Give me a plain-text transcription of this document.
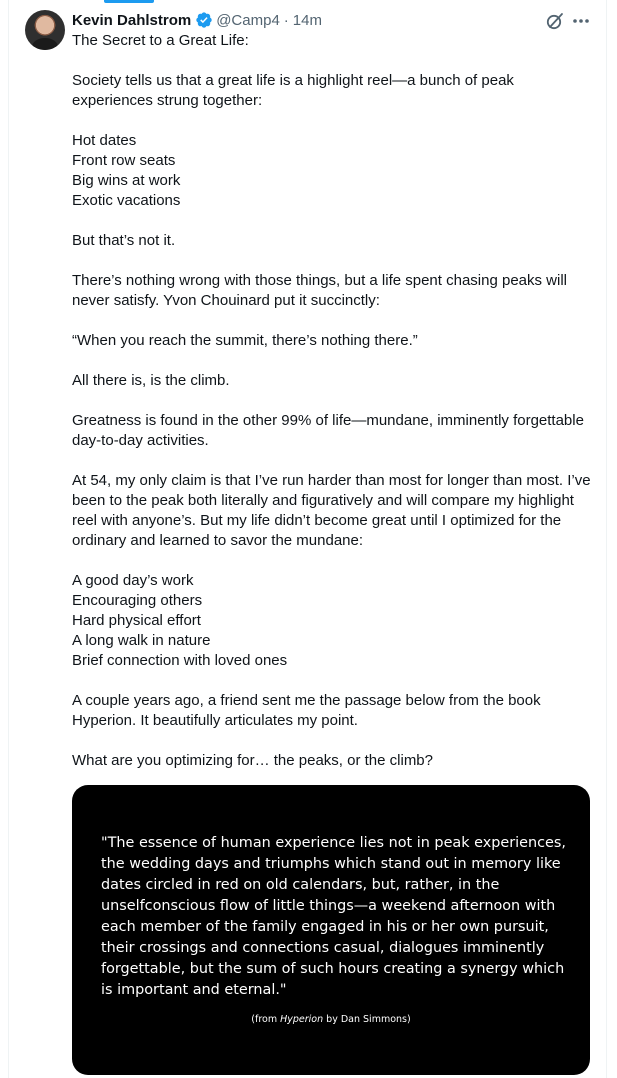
Kevin Dahlstrom @Camp4 · 14m

The Secret to a Great Life:

Society tells us that a great life is a highlight reel—a bunch of peak experiences strung together:

Hot dates
Front row seats
Big wins at work
Exotic vacations

But that’s not it.

There’s nothing wrong with those things, but a life spent chasing peaks will never satisfy. Yvon Chouinard put it succinctly:

“When you reach the summit, there’s nothing there.”

All there is, is the climb.

Greatness is found in the other 99% of life—mundane, imminently forgettable day-to-day activities.

At 54, my only claim is that I’ve run harder than most for longer than most. I’ve been to the peak both literally and figuratively and will compare my highlight reel with anyone’s. But my life didn’t become great until I optimized for the ordinary and learned to savor the mundane:

A good day’s work
Encouraging others
Hard physical effort
A long walk in nature
Brief connection with loved ones

A couple years ago, a friend sent me the passage below from the book Hyperion. It beautifully articulates my point.

What are you optimizing for… the peaks, or the climb?

"The essence of human experience lies not in peak experiences, the wedding days and triumphs which stand out in memory like dates circled in red on old calendars, but, rather, in the unselfconscious flow of little things—a weekend afternoon with each member of the family engaged in his or her own pursuit, their crossings and connections casual, dialogues imminently forgettable, but the sum of such hours creating a synergy which is important and eternal."
(from Hyperion by Dan Simmons)
